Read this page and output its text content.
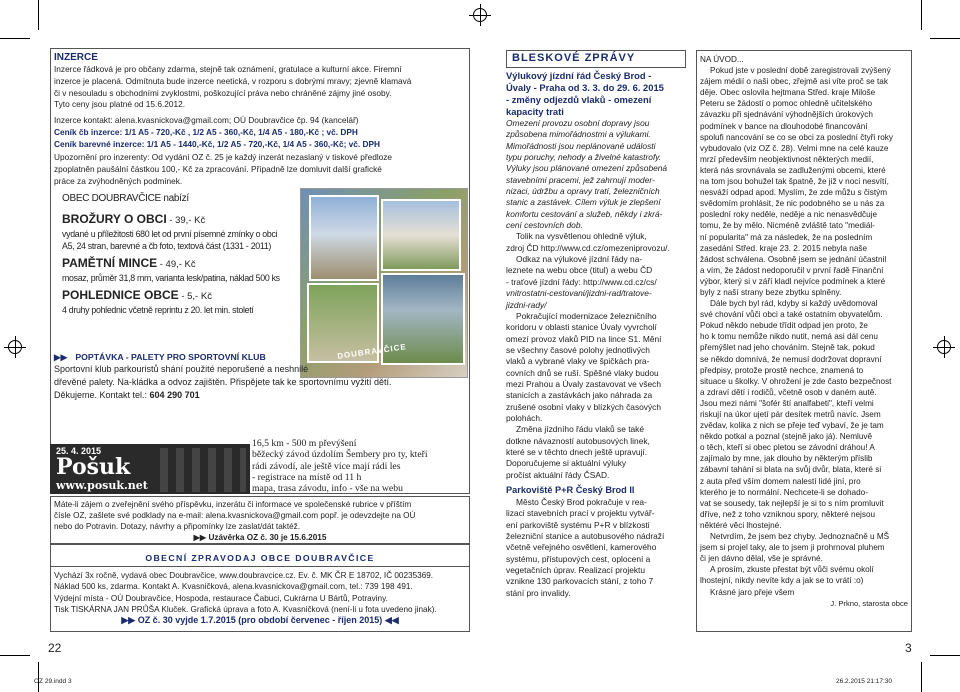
INZERCE
Inzerce řádková je pro občany zdarma, stejně tak oznámení, gratulace a kulturní akce. Firemní
inzerce je placená. Odmítnuta bude inzerce neetická, v rozporu s dobrými mravy; zjevně klamavá
či v nesouladu s obchodními zvyklostmi, poškozující práva nebo chráněné zájmy jiné osoby.
Tyto ceny jsou platné od 15.6.2012.
Inzerce kontakt: alena.kvasnickova@gmail.com; OÚ Doubravčice čp. 94 (kancelář)
Ceník čb inzerce: 1/1 A5 - 720,-Kč , 1/2 A5 - 360,-Kč, 1/4 A5 - 180,-Kč ; vč. DPH
Ceník barevné inzerce: 1/1 A5 - 1440,-Kč, 1/2 A5 - 720,-Kč, 1/4 A5 - 360,-Kč; vč. DPH
Upozornění pro inzerenty: Od vydání OZ č. 25 je každý inzerát nezaslaný v tiskové předloze
zpoplatněn paušální částkou 100,- Kč za zpracování. Případně lze domluvit další grafické
práce za zvýhodněných podmínek.
OBEC DOUBRAVČICE nabízí
BROŽURY O OBCI - 39,- Kč
vydané u příležitosti 680 let od první písemné zmínky o obci
A5, 24 stran, barevné a čb foto, textová část (1331 - 2011)
PAMĚTNÍ MINCE - 49,- Kč
mosaz, průměr 31,8 mm, varianta lesk/patina, náklad 500 ks
POHLEDNICE OBCE - 5,- Kč
4 druhy pohlednic včetně reprintu z 20. let min. století
DOUBRAVČICE
▶▶ POPTÁVKA - PALETY PRO SPORTOVNÍ KLUB
Sportovní klub parkouristů shání použité neporušené a neshnilé
dřevěné palety. Na-kládka a odvoz zajištěn. Přispějete tak ke sportovnímu vyžití dětí.
Děkujeme. Kontakt tel.: 604 290 701
25. 4. 2015
Pošuk
www.posuk.net
16,5 km - 500 m převýšení
běžecký závod úzdolím Šembery pro ty, kteří
rádi závodí, ale ještě více mají rádi les
- registrace na místě od 11 h
mapa, trasa závodu, info - vše na webu
Máte-li zájem o zveřejnění svého příspěvku, inzerátu či informace ve společenské rubrice v příštím
čísle OZ, zašlete své podklady na e-mail: alena.kvasnickova@gmail.com popř. je odevzdejte na OÚ
nebo do Potravin. Dotazy, návrhy a připomínky lze zaslat/dát taktéž.
▶▶ Uzávěrka OZ č. 30 je 15.6.2015
OBECNÍ ZPRAVODAJ OBCE DOUBRAVČICE
Vychází 3x ročně, vydavá obec Doubravčice, www.doubravcice.cz. Ev. č. MK ČR E 18702, IČ 00235369.
Náklad 500 ks, zdarma. Kontakt A. Kvasničková, alena.kvasnickova@gmail.com, tel.: 739 198 491.
Výdejní místa - OÚ Doubravčice, Hospoda, restaurace Čabuci, Cukrárna U Bártů, Potraviny.
Tisk TISKÁRNA JAN PRŮŠA Kluček. Grafická úprava a foto A. Kvasničková (není-li u fota uvedeno jinak).
▶▶ OZ č. 30 vyjde 1.7.2015 (pro období červenec - říjen 2015) ◀◀
22
BLESKOVÉ ZPRÁVY
Výlukový jízdní řád Český Brod -
Úvaly - Praha od 3. 3. do 29. 6. 2015
- změny odjezdů vlaků - omezení
kapacity trati
Omezení provozu osobní dopravy jsou
způsobena mimořádnostmi a výlukami.
Mimořádnosti jsou neplánované události
typu poruchy, nehody a živelné katastrofy.
Výluky jsou plánované omezení způsobená
stavebními pracemi, jež zahrnují moder-
nizaci, údržbu a opravy tratí, železničních
stanic a zastávek. Cílem výluk je zlepšení
komfortu cestování a služeb, někdy i zkrá-
cení cestovních dob.
Tolik na vysvětlenou ohledně výluk,
zdroj ČD http://www.cd.cz/omezeniprovozu/.
Odkaz na výlukové jízdní řády na-
leznete na webu obce (titul) a webu ČD
- traťové jízdní řády: http://www.cd.cz/cs/
vnitrostatni-cestovani/jizdni-rad/tratove-
jizdni-rady/
Pokračující modernizace železničního
koridoru v oblasti stanice Úvaly vyvrcholí
omezí provoz vlaků PID na lince S1. Mění
se všechny časové polohy jednotlivých
vlaků a vybrané vlaky ve špičkách pra-
covních dnů se ruší. Spěšné vlaky budou
mezi Prahou a Úvaly zastavovat ve všech
stanicích a zastávkách jako náhrada za
zrušené osobní vlaky v blízkých časových
polohách.
Změna jízdního řádu vlaků se také
dotkne návazností autobusových linek,
které se v těchto dnech ještě upravují.
Doporučujeme si aktuální výluky
pročíst aktuální řády ČSAD.
Parkoviště P+R Český Brod II
Město Český Brod pokračuje v rea-
lizaci stavebních prací v projektu vytvář-
ení parkoviště systému P+R v blízkosti
železniční stanice a autobusového nádraží
včetně veřejného osvětlení, kamerového
systému, přístupových cest, oplocení a
vegetačních úprav. Realizací projektu
vznikne 130 parkovacích stání, z toho 7
stání pro invalidy.
NA ÚVOD...
Pokud jste v poslední době zaregistrovali zvýšený
zájem médií o naši obec, zřejmě asi víte proč se tak
děje. Obec oslovila hejtmana Střed. kraje Miloše
Peteru se žádostí o pomoc ohledně učitelského
závazku při sjednávání výhodnějších úrokových
podmínek v bance na dlouhodobé financování
spolufi nancování se co se obci za poslední čtyři roky
vybudovalo (viz OZ č. 28). Velmi mne na celé kauze
mrzí především neobjektivnost některých medií,
která nás srovnávala se zadluženými obcemi, které
na tom jsou bohužel tak špatně, že již v noci nesvítí,
nesváží odpad apod. Myslím, že zde můžu s čistým
svědomím prohlásit, že nic podobného se u nás za
poslední roky neděle, neděje a nic nenasvědčuje
tomu, že by mělo. Nicméně zvláště tato "mediál-
ní popularita" má za následek, že na posledním
zasedání Střed. kraje 23. 2. 2015 nebyla naše
žádost schválena. Osobně jsem se jednání účastnil
a vím, že žádost nedoporučil v první řadě Finanční
výbor, který si v září kladl nejvíce podmínek a které
byly z naší strany beze zbytku splněny.
Dále bych byl rád, kdyby si každý uvědomoval
své chování vůči obci a také ostatním obyvatelům.
Pokud někdo nebude třídit odpad jen proto, že
ho k tomu nemůže nikdo nutit, nemá asi dál cenu
přemýšlet nad jeho chováním. Stejně tak, pokud
se někdo domnívá, že nemusí dodržovat dopravní
předpisy, protože prostě nechce, znamená to
situace u školky. V ohrožení je zde často bezpečnost
a zdraví dětí i rodičů, včetně osob v daném autě.
Jsou mezi námi "šofér ští analfabeti", kteří velmi
riskují na úkor ujetí pár desítek metrů navíc. Jsem
zvědav, kolika z nich se přeje teď vybaví, že je tam
někdo potkal a poznal (stejně jako já). Nemluvě
o těch, kteří si obec pletou se závodní dráhou! A
zajímalo by mne, jak dlouho by některým příslib
zábavní tahání si blata na svůj dvůr, blata, které si
z auta před vším domem nalestí lidé jiní, pro
kterého je to normální. Nechcete-li se dohado-
vat se sousedy, tak nejlepší je si to s ním promluvit
dříve, než z toho vzniknou spory, některé nejsou
něktéré vĕci lhostejné.
Netvrdím, že jsem bez chyby. Jednoznačně u MŠ
jsem si projel taky, ale to jsem ji prohrnoval pluhem
či jen dávno dělal, vše je správné.
A prosím, zkuste přestat být vůči svému okolí
lhostejní, nikdy nevíte kdy a jak se to vrátí :o)
Krásné jaro přeje všem
J. Prkno, starosta obce
3
OZ 29.indd 3	26.2.2015 21:17:30
